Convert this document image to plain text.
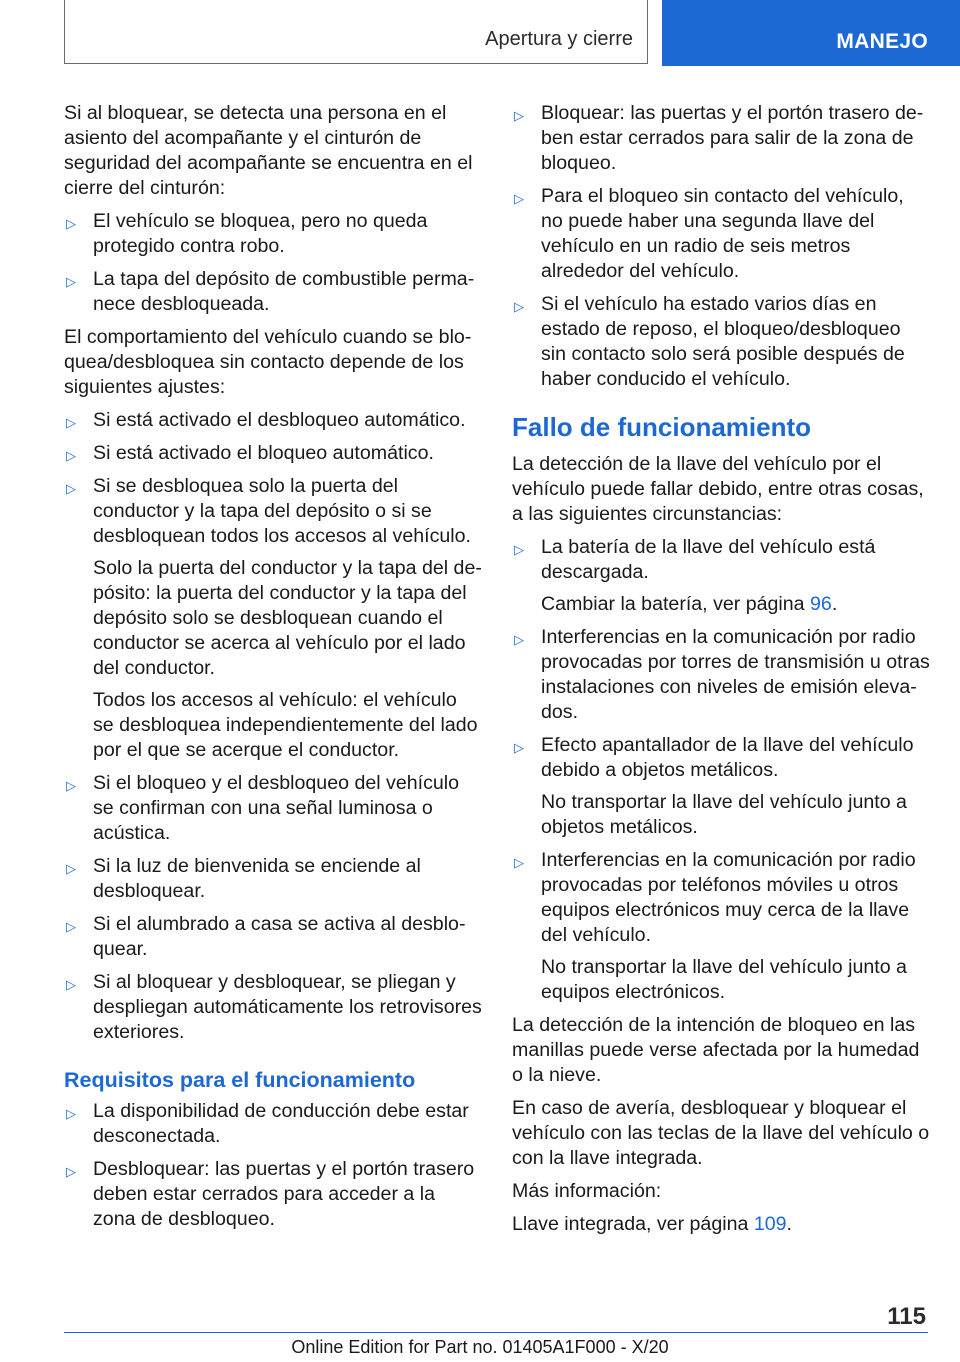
Apertura y cierre	MANEJO

Si al bloquear, se detecta una persona en el asiento del acompañante y el cinturón de seguridad del acompañante se encuentra en el cierre del cinturón:

▷ El vehículo se bloquea, pero no queda protegido contra robo.
▷ La tapa del depósito de combustible permanece desbloqueada.

El comportamiento del vehículo cuando se bloquea/desbloquea sin contacto depende de los siguientes ajustes:

▷ Si está activado el desbloqueo automático.
▷ Si está activado el bloqueo automático.
▷ Si se desbloquea solo la puerta del conductor y la tapa del depósito o si se desbloquean todos los accesos al vehículo.

Solo la puerta del conductor y la tapa del depósito: la puerta del conductor y la tapa del depósito solo se desbloquean cuando el conductor se acerca al vehículo por el lado del conductor.

Todos los accesos al vehículo: el vehículo se desbloquea independientemente del lado por el que se acerque el conductor.

▷ Si el bloqueo y el desbloqueo del vehículo se confirman con una señal luminosa o acústica.
▷ Si la luz de bienvenida se enciende al desbloquear.
▷ Si el alumbrado a casa se activa al desbloquear.
▷ Si al bloquear y desbloquear, se pliegan y despliegan automáticamente los retrovisores exteriores.
Requisitos para el funcionamiento
▷ La disponibilidad de conducción debe estar desconectada.
▷ Desbloquear: las puertas y el portón trasero deben estar cerrados para acceder a la zona de desbloqueo.
▷ Bloquear: las puertas y el portón trasero deben estar cerrados para salir de la zona de bloqueo.
▷ Para el bloqueo sin contacto del vehículo, no puede haber una segunda llave del vehículo en un radio de seis metros alrededor del vehículo.
▷ Si el vehículo ha estado varios días en estado de reposo, el bloqueo/desbloqueo sin contacto solo será posible después de haber conducido el vehículo.
Fallo de funcionamiento

La detección de la llave del vehículo por el vehículo puede fallar debido, entre otras cosas, a las siguientes circunstancias:

▷ La batería de la llave del vehículo está descargada.

Cambiar la batería, ver página 96.

▷ Interferencias en la comunicación por radio provocadas por torres de transmisión u otras instalaciones con niveles de emisión elevados.
▷ Efecto apantallador de la llave del vehículo debido a objetos metálicos.

No transportar la llave del vehículo junto a objetos metálicos.

▷ Interferencias en la comunicación por radio provocadas por teléfonos móviles u otros equipos electrónicos muy cerca de la llave del vehículo.

No transportar la llave del vehículo junto a equipos electrónicos.

La detección de la intención de bloqueo en las manillas puede verse afectada por la humedad o la nieve.

En caso de avería, desbloquear y bloquear el vehículo con las teclas de la llave del vehículo o con la llave integrada.

Más información:

Llave integrada, ver página 109.

115
Online Edition for Part no. 01405A1F000 - X/20
